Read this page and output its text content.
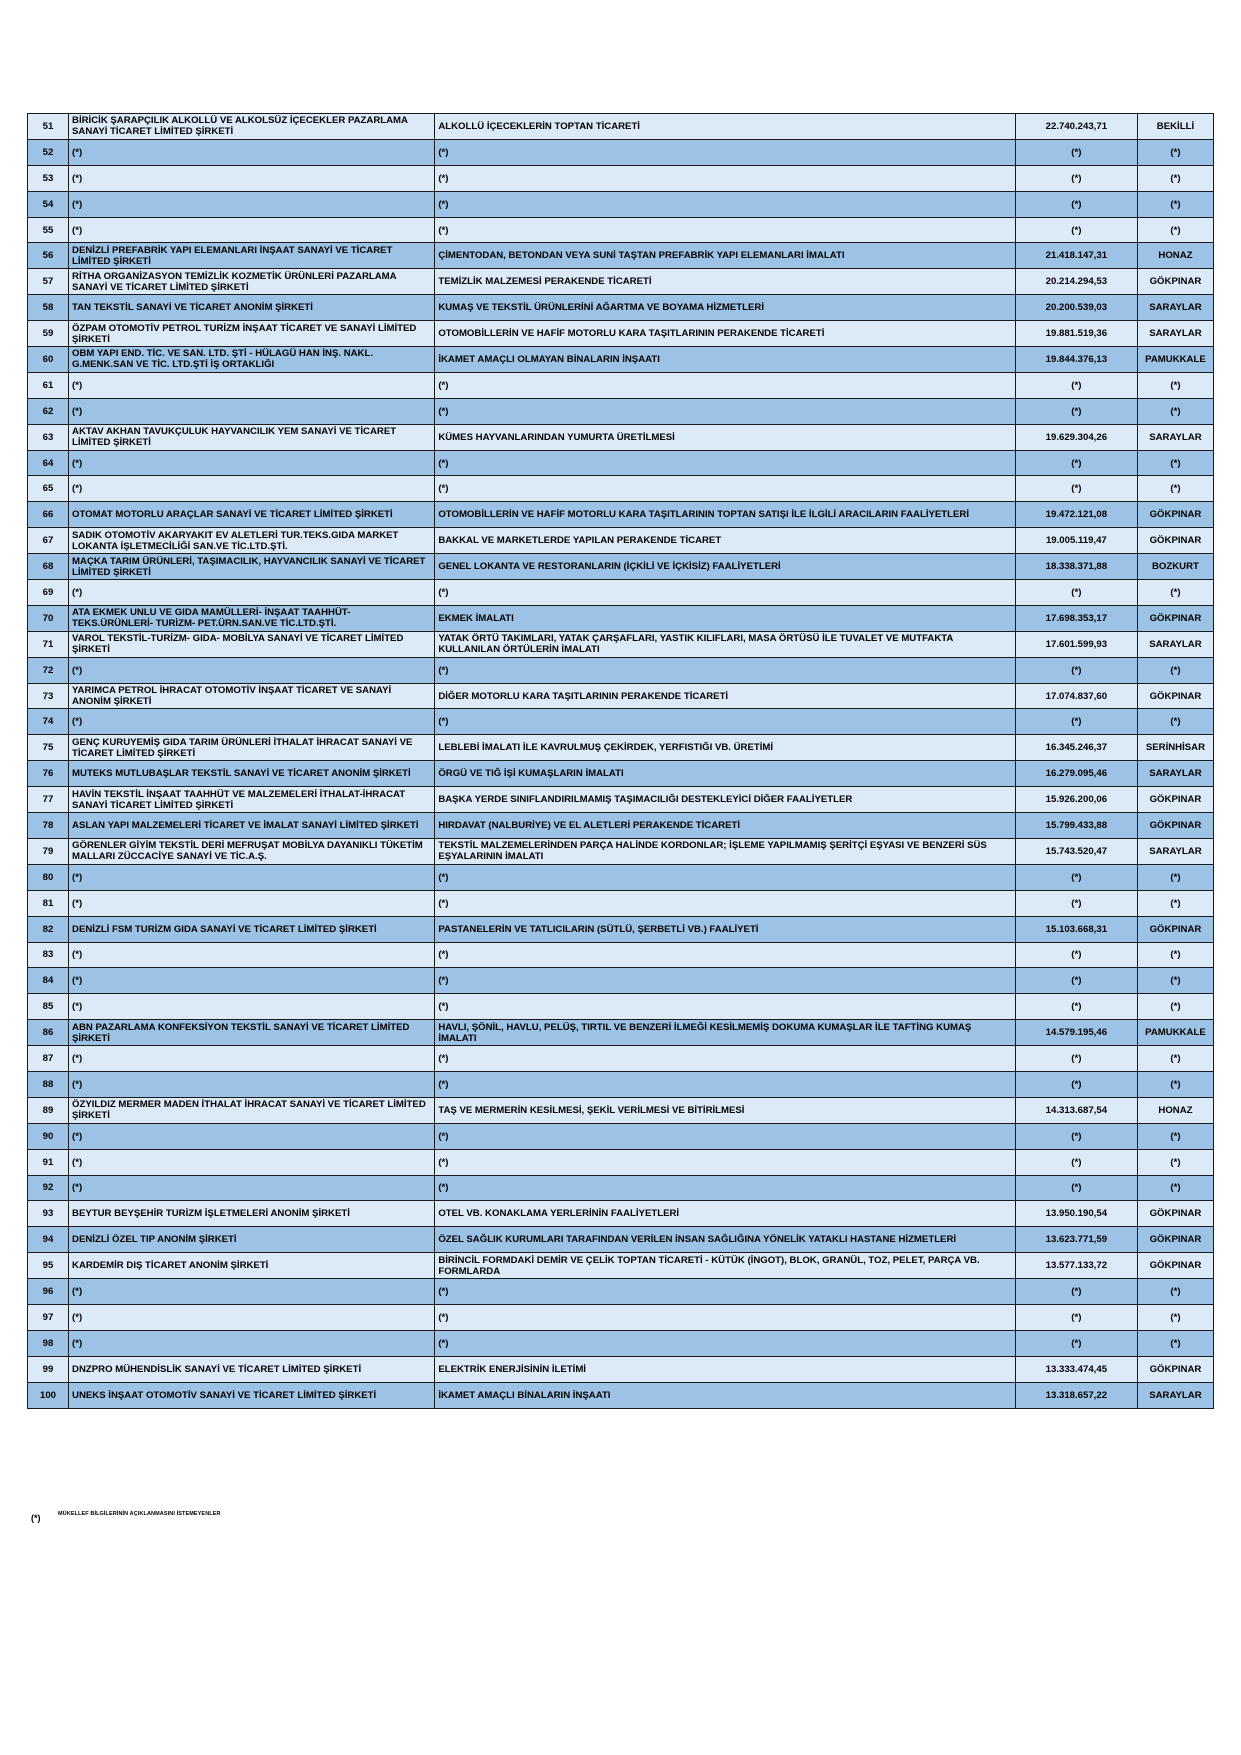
51	BİRİCİK ŞARAPÇILIK ALKOLLÜ VE ALKOLSÜZ İÇECEKLER PAZARLAMA SANAYİ TİCARET LİMİTED ŞİRKETİ	ALKOLLÜ İÇECEKLERİN TOPTAN TİCARETİ	22.740.243,71	BEKİLLİ
52	(*)	(*)	(*)	(*)
53	(*)	(*)	(*)	(*)
54	(*)	(*)	(*)	(*)
55	(*)	(*)	(*)	(*)
56	DENİZLİ PREFABRİK YAPI ELEMANLARI İNŞAAT SANAYİ VE TİCARET LİMİTED ŞİRKETİ	ÇİMENTODAN, BETONDAN VEYA SUNİ TAŞTAN PREFABRİK YAPI ELEMANLARI İMALATI	21.418.147,31	HONAZ
57	RİTHA ORGANİZASYON TEMİZLİK KOZMETİK ÜRÜNLERİ PAZARLAMA SANAYİ VE TİCARET LİMİTED ŞİRKETİ	TEMİZLİK MALZEMESİ PERAKENDE TİCARETİ	20.214.294,53	GÖKPINAR
58	TAN TEKSTİL SANAYİ VE TİCARET ANONİM ŞİRKETİ	KUMAŞ VE TEKSTİL ÜRÜNLERİNİ AĞARTMA VE BOYAMA HİZMETLERİ	20.200.539,03	SARAYLAR
59	ÖZPAM OTOMOTİV PETROL TURİZM İNŞAAT TİCARET VE SANAYİ LİMİTED ŞİRKETİ	OTOMOBİLLERİN VE HAFİF MOTORLU KARA TAŞITLARININ PERAKENDE TİCARETİ	19.881.519,36	SARAYLAR
60	OBM YAPI END. TİC. VE SAN. LTD. ŞTİ - HÜLAGÜ HAN İNŞ. NAKL. G.MENK.SAN VE TİC. LTD.ŞTİ İŞ ORTAKLIĞI	İKAMET AMAÇLI OLMAYAN BİNALARIN İNŞAATI	19.844.376,13	PAMUKKALE
61	(*)	(*)	(*)	(*)
62	(*)	(*)	(*)	(*)
63	AKTAV AKHAN TAVUKÇULUK HAYVANCILIK YEM SANAYİ VE TİCARET LİMİTED ŞİRKETİ	KÜMES HAYVANLARINDAN YUMURTA ÜRETİLMESİ	19.629.304,26	SARAYLAR
64	(*)	(*)	(*)	(*)
65	(*)	(*)	(*)	(*)
66	OTOMAT MOTORLU ARAÇLAR SANAYİ VE TİCARET LİMİTED ŞİRKETİ	OTOMOBİLLERİN VE HAFİF MOTORLU KARA TAŞITLARININ TOPTAN SATIŞI İLE İLGİLİ ARACILARIN FAALİYETLERİ	19.472.121,08	GÖKPINAR
67	SADIK OTOMOTİV AKARYAKIT EV ALETLERİ TUR.TEKS.GIDA MARKET LOKANTA İŞLETMECİLİĞİ SAN.VE TİC.LTD.ŞTİ.	BAKKAL VE MARKETLERDE YAPILAN PERAKENDE TİCARET	19.005.119,47	GÖKPINAR
68	MAÇKA TARIM ÜRÜNLERİ, TAŞIMACILIK, HAYVANCILIK SANAYİ VE TİCARET LİMİTED ŞİRKETİ	GENEL LOKANTA VE RESTORANLARIN (İÇKİLİ VE İÇKİSİZ) FAALİYETLERİ	18.338.371,88	BOZKURT
69	(*)	(*)	(*)	(*)
70	ATA EKMEK UNLU VE GIDA MAMÜLLERİ- İNŞAAT TAAHHÜT- TEKS.ÜRÜNLERİ- TURİZM- PET.ÜRN.SAN.VE TİC.LTD.ŞTİ.	EKMEK İMALATI	17.698.353,17	GÖKPINAR
71	VAROL TEKSTİL-TURİZM- GIDA- MOBİLYA SANAYİ VE TİCARET LİMİTED ŞİRKETİ	YATAK ÖRTÜ TAKIMLARI, YATAK ÇARŞAFLARI, YASTIK KILIFLARI, MASA ÖRTÜSÜ İLE TUVALET VE MUTFAKTA KULLANILAN ÖRTÜLERİN İMALATI	17.601.599,93	SARAYLAR
72	(*)	(*)	(*)	(*)
73	YARIMCA PETROL İHRACAT OTOMOTİV İNŞAAT TİCARET VE SANAYİ ANONİM ŞİRKETİ	DİĞER MOTORLU KARA TAŞITLARININ PERAKENDE TİCARETİ	17.074.837,60	GÖKPINAR
74	(*)	(*)	(*)	(*)
75	GENÇ KURUYEMİŞ GIDA TARIM ÜRÜNLERİ İTHALAT İHRACAT SANAYİ VE TİCARET LİMİTED ŞİRKETİ	LEBLEBİ İMALATI İLE KAVRULMUŞ ÇEKİRDEK, YERFISTIĞI VB. ÜRETİMİ	16.345.246,37	SERİNHİSAR
76	MUTEKS MUTLUBAŞLAR TEKSTİL SANAYİ VE TİCARET ANONİM ŞİRKETİ	ÖRGÜ VE TIĞ İŞİ KUMAŞLARIN İMALATI	16.279.095,46	SARAYLAR
77	HAVİN TEKSTİL İNŞAAT TAAHHÜT VE MALZEMELERİ İTHALAT-İHRACAT SANAYİ TİCARET LİMİTED ŞİRKETİ	BAŞKA YERDE SINIFLANDIRILMAMIŞ TAŞIMACILIĞI DESTEKLEYİCİ DİĞER FAALİYETLER	15.926.200,06	GÖKPINAR
78	ASLAN YAPI MALZEMELERİ TİCARET VE İMALAT SANAYİ LİMİTED ŞİRKETİ	HIRDAVAT (NALBURİYE) VE EL ALETLERİ PERAKENDE TİCARETİ	15.799.433,88	GÖKPINAR
79	GÖRENLER GİYİM TEKSTİL DERİ MEFRUŞAT MOBİLYA DAYANIKLI TÜKETİM MALLARI ZÜCCACİYE SANAYİ VE TİC.A.Ş.	TEKSTİL MALZEMELERİNDEN PARÇA HALİNDE KORDONLAR; İŞLEME YAPILMAMIŞ ŞERİTÇİ EŞYASI VE BENZERİ SÜS EŞYALARININ İMALATI	15.743.520,47	SARAYLAR
80	(*)	(*)	(*)	(*)
81	(*)	(*)	(*)	(*)
82	DENİZLİ FSM TURİZM GIDA SANAYİ VE TİCARET LİMİTED ŞİRKETİ	PASTANELERİN VE TATLICILARIN (SÜTLÜ, ŞERBETLİ VB.) FAALİYETİ	15.103.668,31	GÖKPINAR
83	(*)	(*)	(*)	(*)
84	(*)	(*)	(*)	(*)
85	(*)	(*)	(*)	(*)
86	ABN PAZARLAMA KONFEKSİYON TEKSTİL SANAYİ VE TİCARET LİMİTED ŞİRKETİ	HAVLI, ŞÖNİL, HAVLU, PELÜŞ, TIRTIL VE BENZERİ İLMEĞİ KESİLMEMİŞ DOKUMA KUMAŞLAR İLE TAFTİNG KUMAŞ İMALATI	14.579.195,46	PAMUKKALE
87	(*)	(*)	(*)	(*)
88	(*)	(*)	(*)	(*)
89	ÖZYILDIZ MERMER MADEN İTHALAT İHRACAT SANAYİ VE TİCARET LİMİTED ŞİRKETİ	TAŞ VE MERMERİN KESİLMESİ, ŞEKİL VERİLMESİ VE BİTİRİLMESİ	14.313.687,54	HONAZ
90	(*)	(*)	(*)	(*)
91	(*)	(*)	(*)	(*)
92	(*)	(*)	(*)	(*)
93	BEYTUR BEYŞEHİR TURİZM İŞLETMELERİ ANONİM ŞİRKETİ	OTEL VB. KONAKLAMA YERLERİNİN FAALİYETLERİ	13.950.190,54	GÖKPINAR
94	DENİZLİ ÖZEL TIP ANONİM ŞİRKETİ	ÖZEL SAĞLIK KURUMLARI TARAFINDAN VERİLEN İNSAN SAĞLIĞINA YÖNELİK YATAKLI HASTANE HİZMETLERİ	13.623.771,59	GÖKPINAR
95	KARDEMİR DIŞ TİCARET ANONİM ŞİRKETİ	BİRİNCİL FORMDAKİ DEMİR VE ÇELİK TOPTAN TİCARETİ - KÜTÜK (İNGOT), BLOK, GRANÜL, TOZ, PELET, PARÇA VB. FORMLARDA	13.577.133,72	GÖKPINAR
96	(*)	(*)	(*)	(*)
97	(*)	(*)	(*)	(*)
98	(*)	(*)	(*)	(*)
99	DNZPRO MÜHENDİSLİK SANAYİ VE TİCARET LİMİTED ŞİRKETİ	ELEKTRİK ENERJİSİNİN İLETİMİ	13.333.474,45	GÖKPINAR
100	UNEKS İNŞAAT OTOMOTİV SANAYİ VE TİCARET LİMİTED ŞİRKETİ	İKAMET AMAÇLI BİNALARIN İNŞAATI	13.318.657,22	SARAYLAR
(*)	MÜKELLEF BİLGİLERİNİN AÇIKLANMASINI İSTEMEYENLER
